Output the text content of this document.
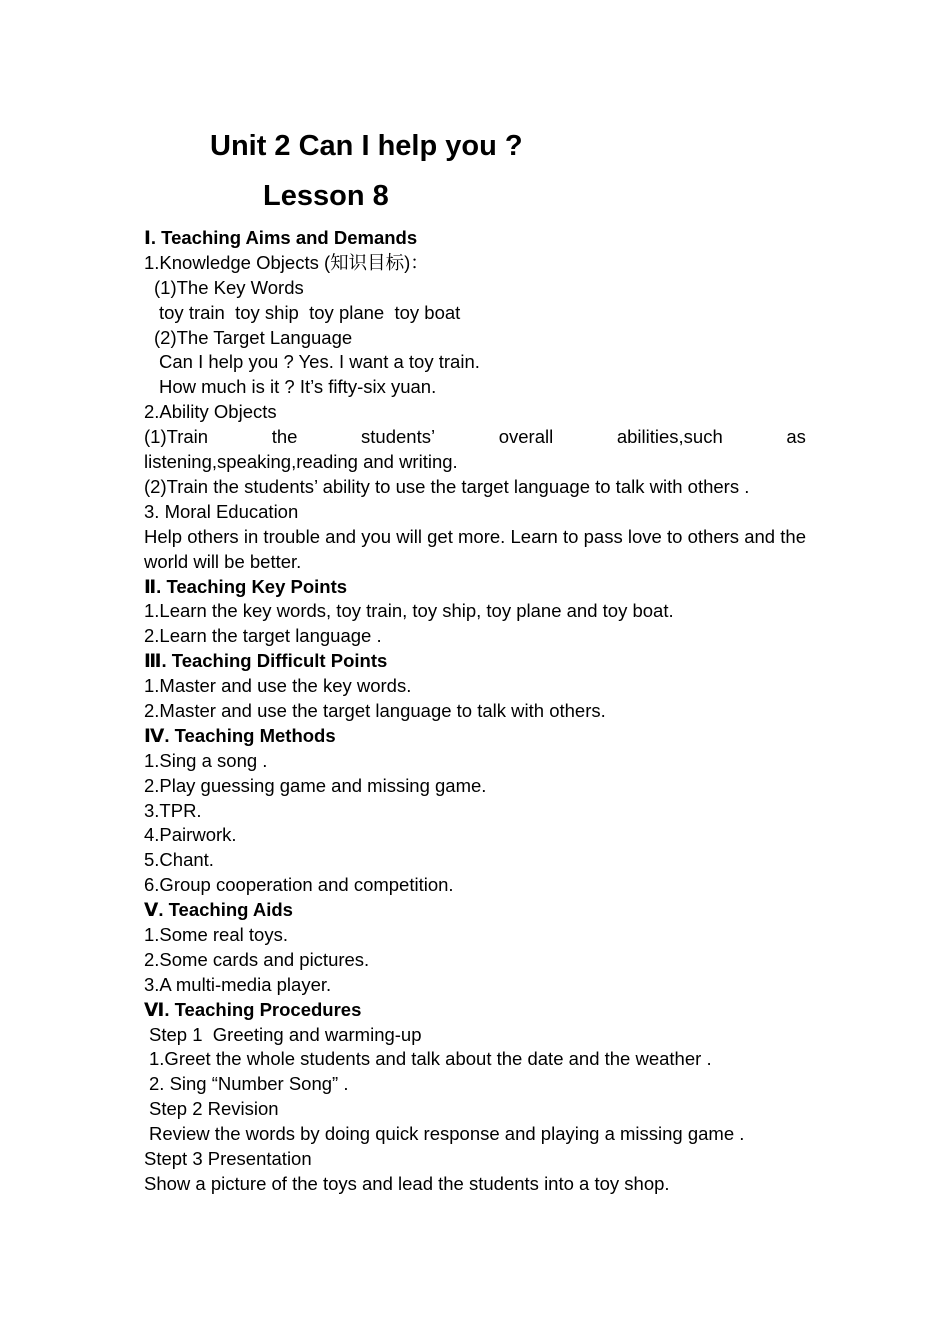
Unit 2 Can I help you ?
Lesson 8
Ⅰ. Teaching Aims and Demands
1.Knowledge Objects (知识目标)：
(1)The Key Words
toy train  toy ship  toy plane  toy boat
(2)The Target Language
Can I help you ? Yes. I want a toy train.
How much is it ? It’s fifty-six yuan.
2.Ability Objects
(1)Train	the	students’	overall	abilities,such	as
listening,speaking,reading and writing.
(2)Train the students’ ability to use the target language to talk with others .
3. Moral Education
Help others in trouble and you will get more. Learn to pass love to others and the world will be better.
Ⅱ. Teaching Key Points
1.Learn the key words, toy train, toy ship, toy plane and toy boat.
2.Learn the target language .
Ⅲ. Teaching Difficult Points
1.Master and use the key words.
2.Master and use the target language to talk with others.
Ⅳ. Teaching Methods
1.Sing a song .
2.Play guessing game and missing game.
3.TPR.
4.Pairwork.
5.Chant.
6.Group cooperation and competition.
Ⅴ. Teaching Aids
1.Some real toys.
2.Some cards and pictures.
3.A multi-media player.
Ⅵ. Teaching Procedures
Step 1  Greeting and warming-up
1.Greet the whole students and talk about the date and the weather .
2. Sing “Number Song” .
Step 2 Revision
Review the words by doing quick response and playing a missing game .
Stept 3 Presentation
Show a picture of the toys and lead the students into a toy shop.
